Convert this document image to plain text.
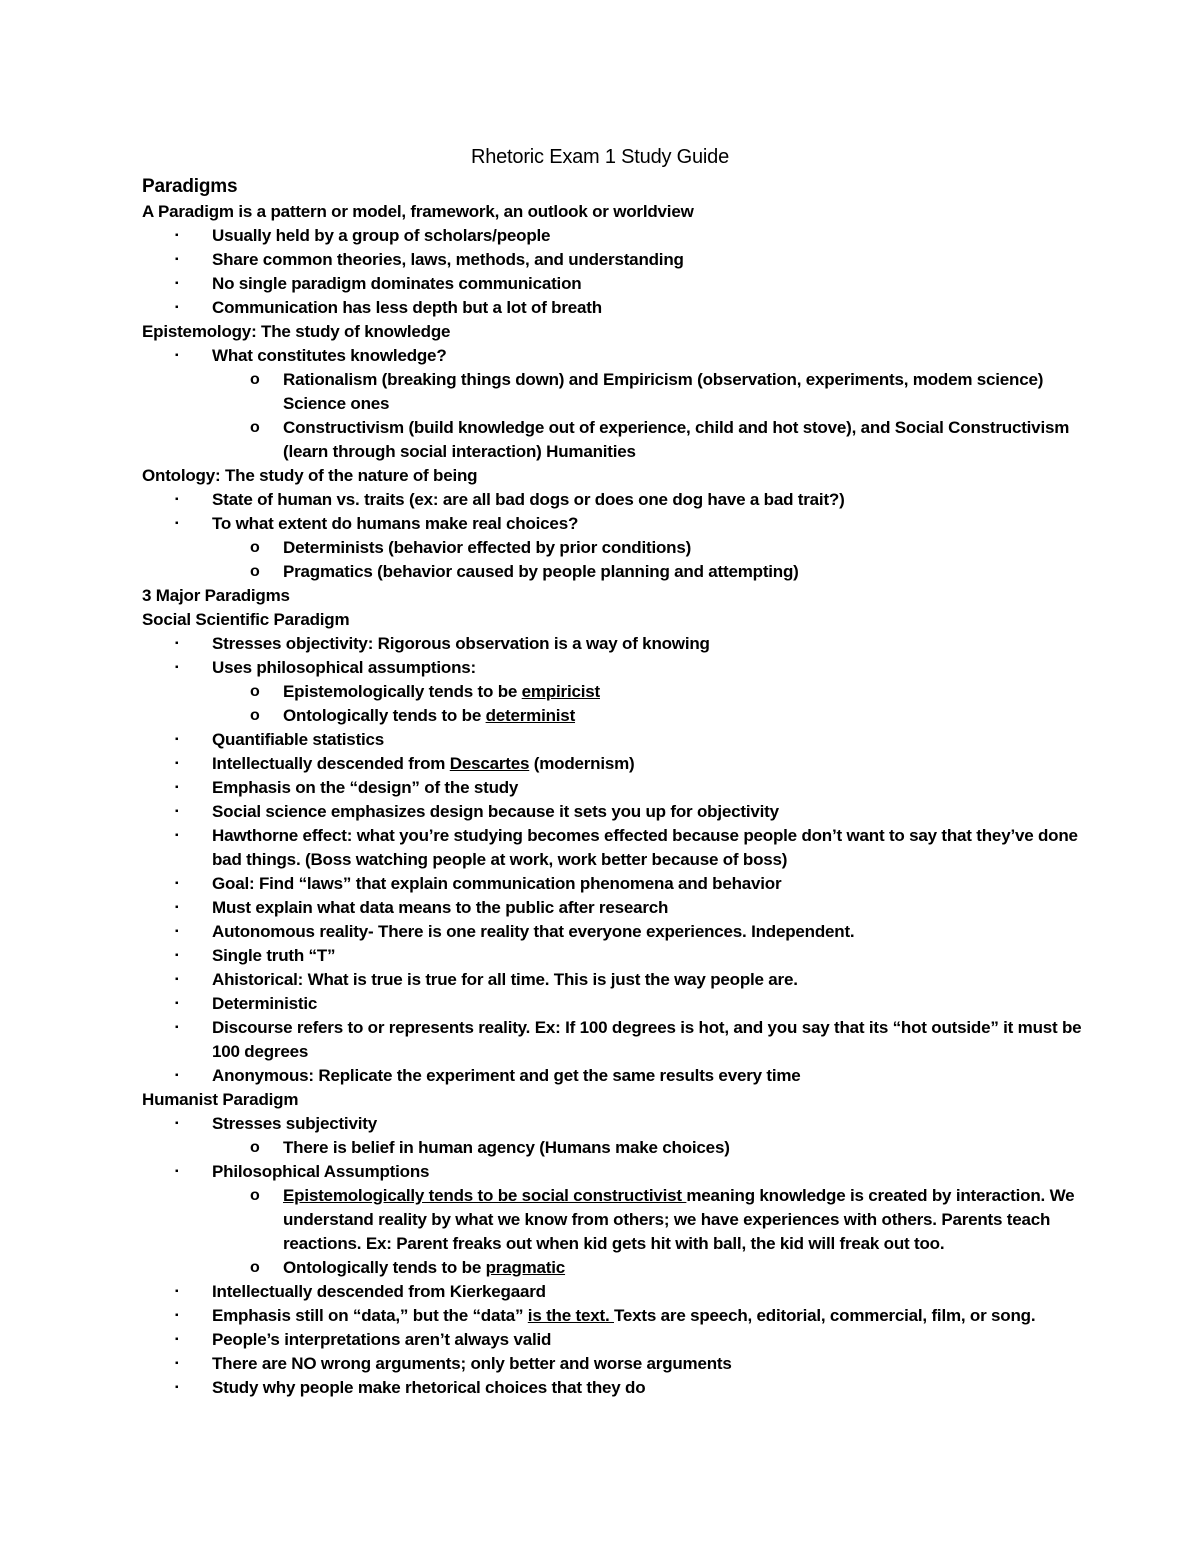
Rhetoric Exam 1 Study Guide
Paradigms

A Paradigm is a pattern or model, framework, an outlook or worldview

▪ Usually held by a group of scholars/people

▪ Share common theories, laws, methods, and understanding

▪ No single paradigm dominates communication

▪ Communication has less depth but a lot of breath

Epistemology: The study of knowledge

▪ What constitutes knowledge?

o Rationalism (breaking things down) and Empiricism (observation, experiments, modem science) Science ones

o Constructivism (build knowledge out of experience, child and hot stove), and Social Constructivism (learn through social interaction) Humanities

Ontology: The study of the nature of being

▪ State of human vs. traits (ex: are all bad dogs or does one dog have a bad trait?)

▪ To what extent do humans make real choices?

o Determinists (behavior effected by prior conditions)

o Pragmatics (behavior caused by people planning and attempting)

3 Major Paradigms

Social Scientific Paradigm

▪ Stresses objectivity: Rigorous observation is a way of knowing

▪ Uses philosophical assumptions:

o Epistemologically tends to be empiricist

o Ontologically tends to be determinist

▪ Quantifiable statistics

▪ Intellectually descended from Descartes (modernism)

▪ Emphasis on the “design” of the study

▪ Social science emphasizes design because it sets you up for objectivity

▪ Hawthorne effect: what you’re studying becomes effected because people don’t want to say that they’ve done bad things. (Boss watching people at work, work better because of boss)

▪ Goal: Find “laws” that explain communication phenomena and behavior

▪ Must explain what data means to the public after research

▪ Autonomous reality- There is one reality that everyone experiences. Independent.

▪ Single truth “T”

▪ Ahistorical: What is true is true for all time. This is just the way people are.

▪ Deterministic

▪ Discourse refers to or represents reality. Ex: If 100 degrees is hot, and you say that its “hot outside” it must be 100 degrees

▪ Anonymous: Replicate the experiment and get the same results every time

Humanist Paradigm

▪ Stresses subjectivity

o There is belief in human agency (Humans make choices)

▪ Philosophical Assumptions

o Epistemologically tends to be social constructivist meaning knowledge is created by interaction. We understand reality by what we know from others; we have experiences with others. Parents teach reactions. Ex: Parent freaks out when kid gets hit with ball, the kid will freak out too.

o Ontologically tends to be pragmatic

▪ Intellectually descended from Kierkegaard

▪ Emphasis still on “data,” but the “data” is the text. Texts are speech, editorial, commercial, film, or song.

▪ People’s interpretations aren’t always valid

▪ There are NO wrong arguments; only better and worse arguments

▪ Study why people make rhetorical choices that they do
